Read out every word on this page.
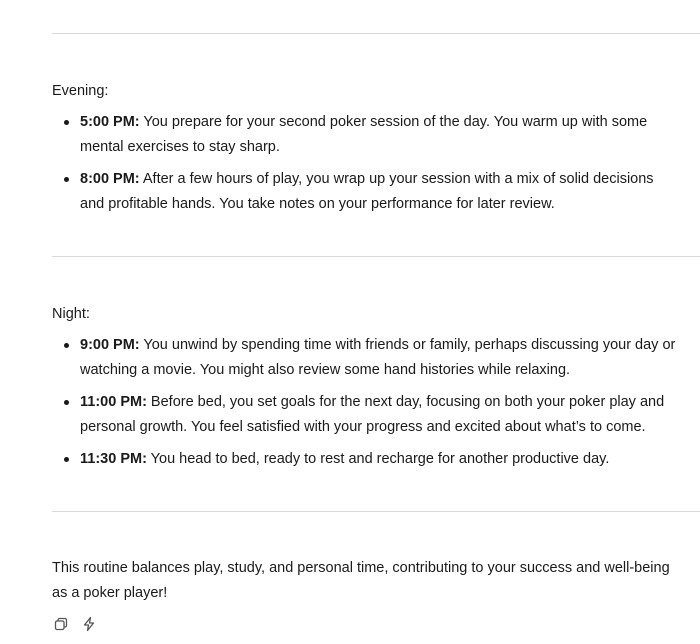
Evening:

5:00 PM: You prepare for your second poker session of the day. You warm up with some mental exercises to stay sharp.
8:00 PM: After a few hours of play, you wrap up your session with a mix of solid decisions and profitable hands. You take notes on your performance for later review.

Night:

9:00 PM: You unwind by spending time with friends or family, perhaps discussing your day or watching a movie. You might also review some hand histories while relaxing.
11:00 PM: Before bed, you set goals for the next day, focusing on both your poker play and personal growth. You feel satisfied with your progress and excited about what’s to come.
11:30 PM: You head to bed, ready to rest and recharge for another productive day.

This routine balances play, study, and personal time, contributing to your success and well-being as a poker player!
